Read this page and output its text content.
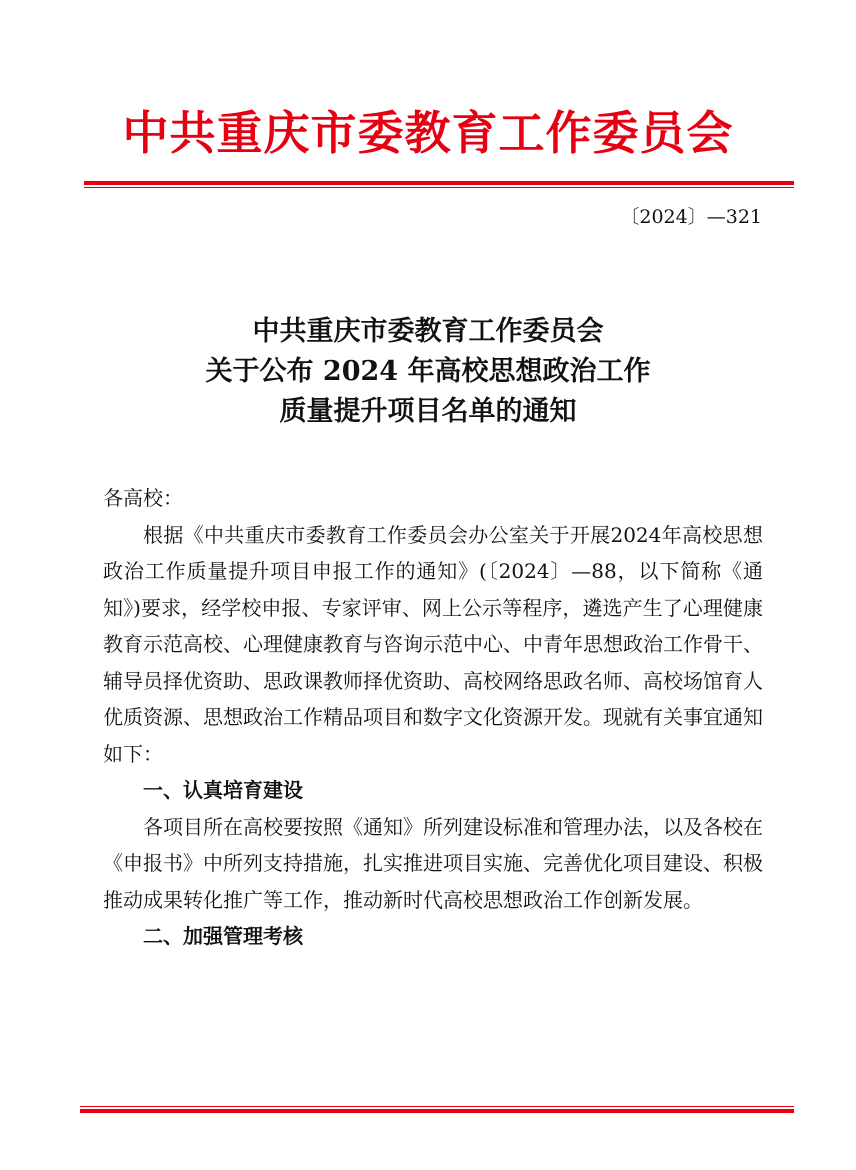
中共重庆市委教育工作委员会
〔2024〕—321
中共重庆市委教育工作委员会
关于公布 2024 年高校思想政治工作
质量提升项目名单的通知

各高校：

根据《中共重庆市委教育工作委员会办公室关于开展2024年高校思想政治工作质量提升项目申报工作的通知》(〔2024〕—88，以下简称《通知》)要求，经学校申报、专家评审、网上公示等程序，遴选产生了心理健康教育示范高校、心理健康教育与咨询示范中心、中青年思想政治工作骨干、辅导员择优资助、思政课教师择优资助、高校网络思政名师、高校场馆育人优质资源、思想政治工作精品项目和数字文化资源开发。现就有关事宜通知如下：

一、认真培育建设

各项目所在高校要按照《通知》所列建设标准和管理办法，以及各校在《申报书》中所列支持措施，扎实推进项目实施、完善优化项目建设、积极推动成果转化推广等工作，推动新时代高校思想政治工作创新发展。

二、加强管理考核
